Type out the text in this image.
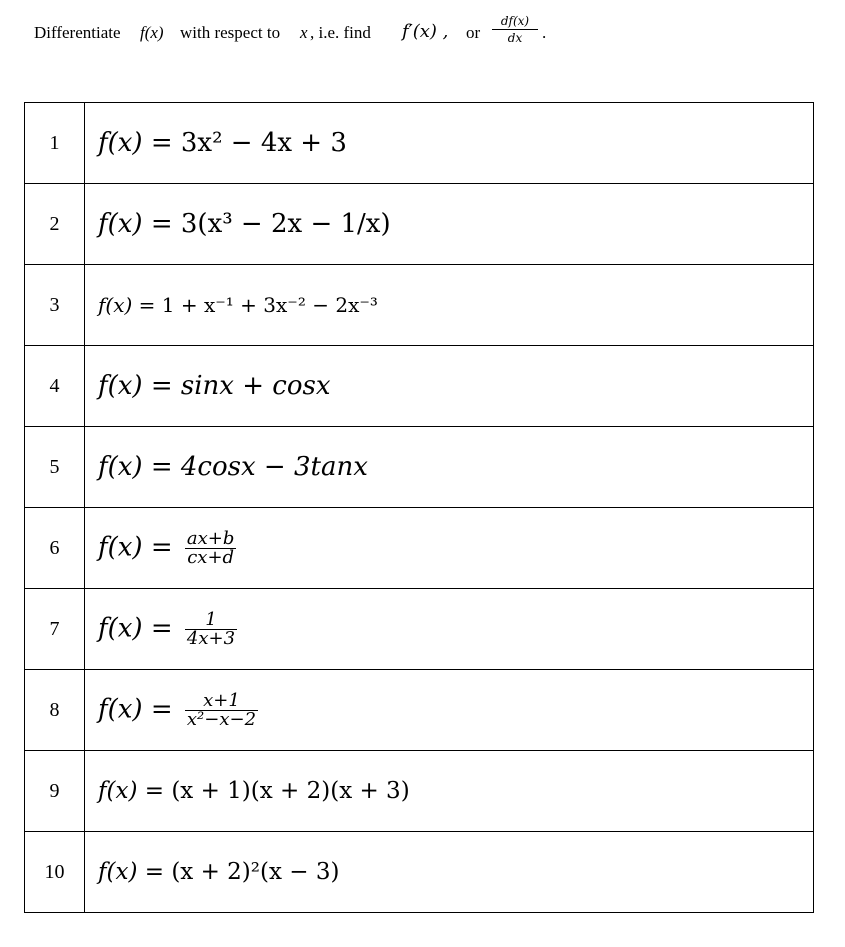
Differentiate f(x) with respect to x , i.e. find f′(x) , or
df(x)
dx	.
1	f(x) = 3x² − 4x + 3
2	f(x) = 3(x³ − 2x − 1/x)
3	f(x) = 1 + x⁻¹ + 3x⁻² − 2x⁻³
4	f(x) = sinx + cosx
5	f(x) = 4cosx − 3tanx
6	$f(x) = \frac{ax+b}{cx+d}$

7	$f(x) = \frac{1}{4x+3}$

8	$f(x) = \frac{x+1}{\text{x²−x−2}}$

9	f(x) = (x + 1)(x + 2)(x + 3)
10	f(x) = (x + 2)²(x − 3)
